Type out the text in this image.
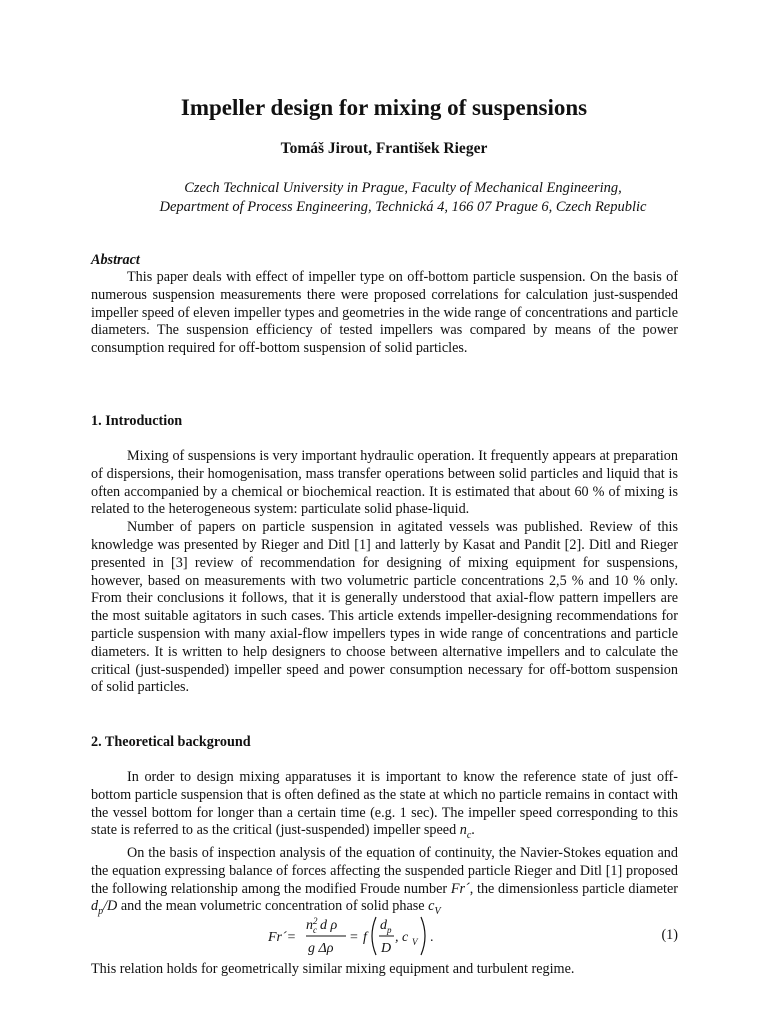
Impeller design for mixing of suspensions
Tomáš Jirout, František Rieger
Czech Technical University in Prague, Faculty of Mechanical Engineering, Department of Process Engineering, Technická 4, 166 07 Prague 6, Czech Republic
Abstract

This paper deals with effect of impeller type on off-bottom particle suspension. On the basis of numerous suspension measurements there were proposed correlations for calculation just-suspended impeller speed of eleven impeller types and geometries in the wide range of concentrations and particle diameters. The suspension efficiency of tested impellers was compared by means of the power consumption required for off-bottom suspension of solid particles.

1. Introduction

Mixing of suspensions is very important hydraulic operation. It frequently appears at preparation of dispersions, their homogenisation, mass transfer operations between solid particles and liquid that is often accompanied by a chemical or biochemical reaction. It is estimated that about 60 % of mixing is related to the heterogeneous system: particulate solid phase-liquid.

Number of papers on particle suspension in agitated vessels was published. Review of this knowledge was presented by Rieger and Ditl [1] and latterly by Kasat and Pandit [2]. Ditl and Rieger presented in [3] review of recommendation for designing of mixing equipment for suspensions, however, based on measurements with two volumetric particle concentrations 2,5 % and 10 % only. From their conclusions it follows, that it is generally understood that axial-flow pattern impellers are the most suitable agitators in such cases. This article extends impeller-designing recommendations for particle suspension with many axial-flow impellers types in wide range of concentrations and particle diameters. It is written to help designers to choose between alternative impellers and to calculate the critical (just-suspended) impeller speed and power consumption necessary for off-bottom suspension of solid particles.

2. Theoretical background

In order to design mixing apparatuses it is important to know the reference state of just off-bottom particle suspension that is often defined as the state at which no particle remains in contact with the vessel bottom for longer than a certain time (e.g. 1 sec). The impeller speed corresponding to this state is referred to as the critical (just-suspended) impeller speed $n_c$.

On the basis of inspection analysis of the equation of continuity, the Navier-Stokes equation and the equation expressing balance of forces affecting the suspended particle Rieger and Ditl [1] proposed the following relationship among the modified Froude number Fr´, the dimensionless particle diameter $d_p/D$ and the mean volumetric concentration of solid phase $c_V$

Fr´=
n 2
c d ρ
g Δρ
= f
d p
D
, c V .	(1)
This relation holds for geometrically similar mixing equipment and turbulent regime.
